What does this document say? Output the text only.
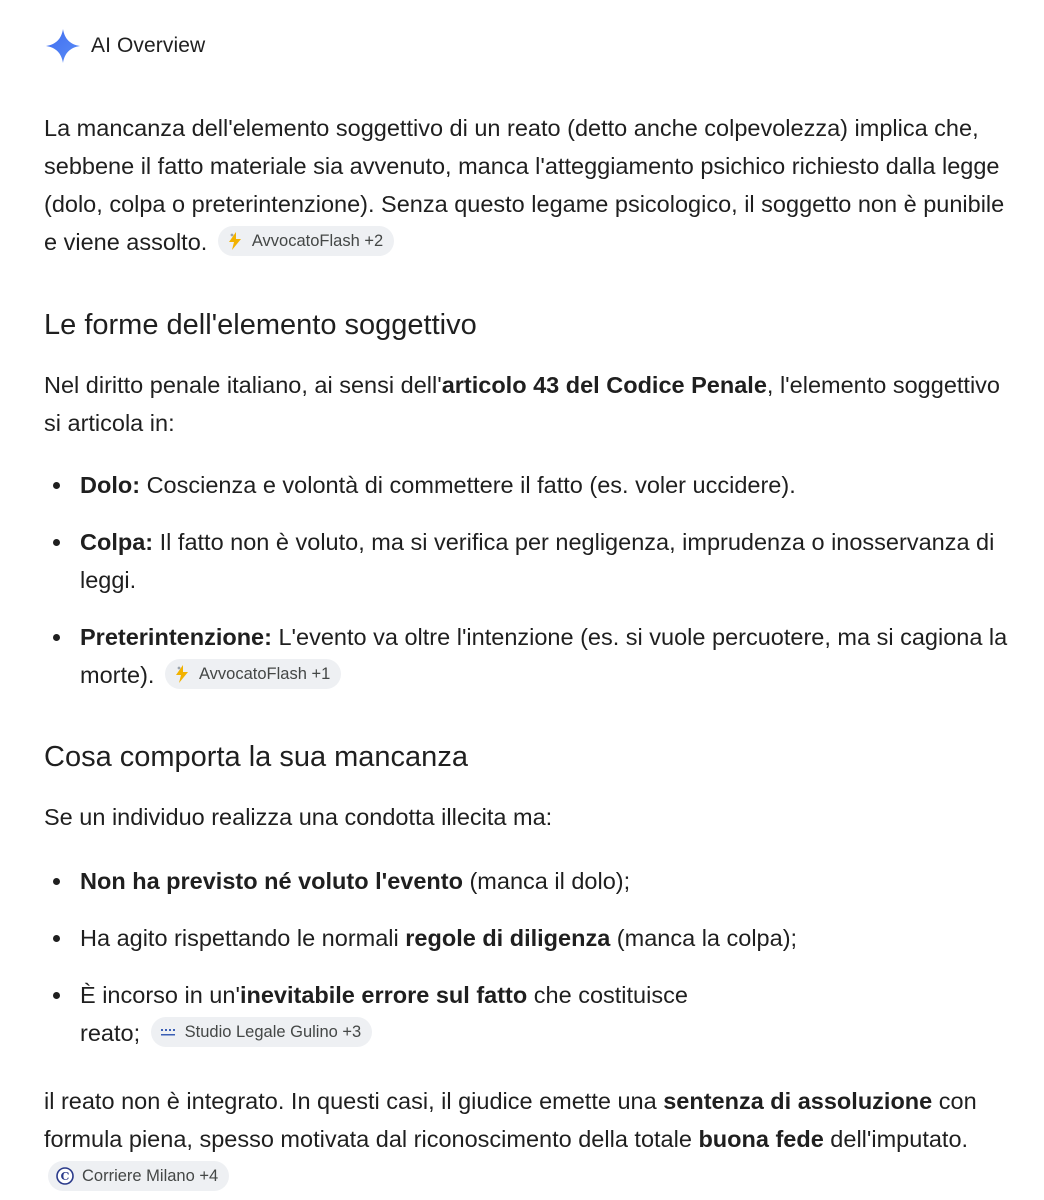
AI Overview

La mancanza dell'elemento soggettivo di un reato (detto anche colpevolezza) implica che, sebbene il fatto materiale sia avvenuto, manca l'atteggiamento psichico richiesto dalla legge (dolo, colpa o preterintenzione). Senza questo legame psicologico, il soggetto non è punibile e viene assolto.	AvvocatoFlash +2

Le forme dell'elemento soggettivo

Nel diritto penale italiano, ai sensi dell'articolo 43 del Codice Penale, l'elemento soggettivo si articola in:

Dolo: Coscienza e volontà di commettere il fatto (es. voler uccidere).
Colpa: Il fatto non è voluto, ma si verifica per negligenza, imprudenza o inosservanza di leggi.
Preterintenzione: L'evento va oltre l'intenzione (es. si vuole percuotere, ma si cagiona la morte).	AvvocatoFlash +1
Cosa comporta la sua mancanza

Se un individuo realizza una condotta illecita ma:

Non ha previsto né voluto l'evento (manca il dolo);
Ha agito rispettando le normali regole di diligenza (manca la colpa);
È incorso in un'inevitabile errore sul fatto che costituisce
reato;	Studio Legale Gulino +3

il reato non è integrato. In questi casi, il giudice emette una sentenza di assoluzione con formula piena, spesso motivata dal riconoscimento della totale buona fede dell'imputato.
C Corriere Milano +4
